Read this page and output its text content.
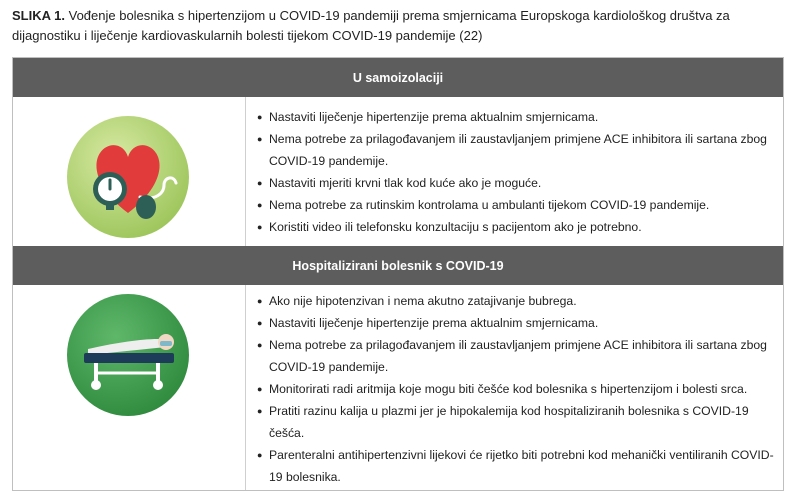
SLIKA 1. Vođenje bolesnika s hipertenzijom u COVID-19 pandemiji prema smjernicama Europskoga kardiološkog društva za
dijagnostiku i liječenje kardiovaskularnih bolesti tijekom COVID-19 pandemije (22)
U samoizolaciji
● Nastaviti liječenje hipertenzije prema aktualnim smjernicama.
● Nema potrebe za prilagođavanjem ili zaustavljanjem primjene ACE inhibitora ili sartana zbog COVID-19 pandemije.
● Nastaviti mjeriti krvni tlak kod kuće ako je moguće.
● Nema potrebe za rutinskim kontrolama u ambulanti tijekom COVID-19 pandemije.
● Koristiti video ili telefonsku konzultaciju s pacijentom ako je potrebno.
Hospitalizirani bolesnik s COVID-19
● Ako nije hipotenzivan i nema akutno zatajivanje bubrega.
● Nastaviti liječenje hipertenzije prema aktualnim smjernicama.
● Nema potrebe za prilagođavanjem ili zaustavljanjem primjene ACE inhibitora ili sartana zbog COVID-19 pandemije.
● Monitorirati radi aritmija koje mogu biti češće kod bolesnika s hipertenzijom i bolesti srca.
● Pratiti razinu kalija u plazmi jer je hipokalemija kod hospitaliziranih bolesnika s COVID-19 češća.
● Parenteralni antihipertenzivni lijekovi će rijetko biti potrebni kod mehanički ventiliranih COVID-19 bolesnika.
